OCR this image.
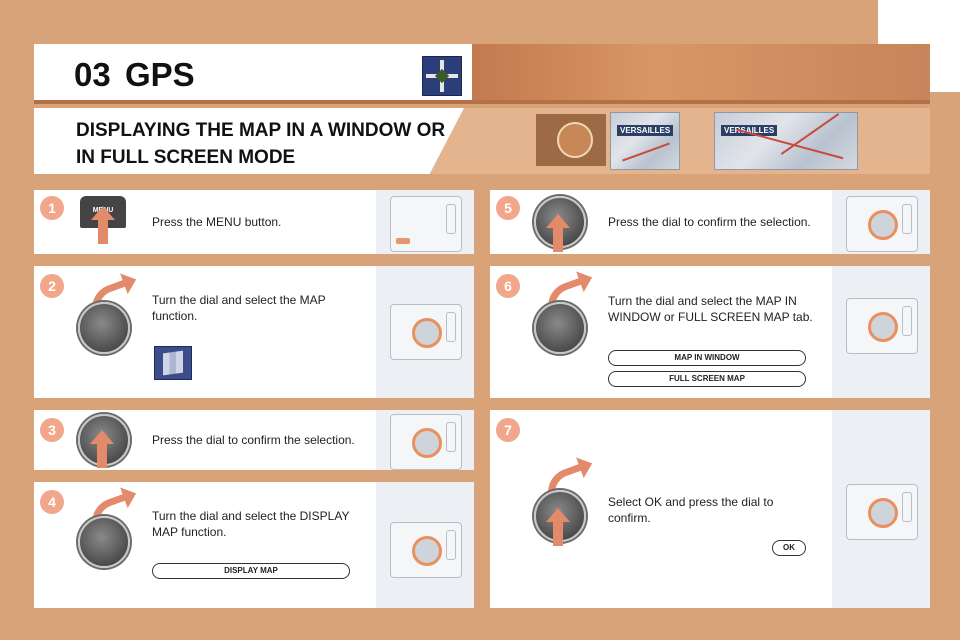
03 GPS
DISPLAYING THE MAP IN A WINDOW OR
IN FULL SCREEN MODE
VERSAILLES	VERSAILLES
1
Press the MENU button.
2
Turn the dial and select the MAP function.
3
Press the dial to confirm the selection.
4
Turn the dial and select the DISPLAY MAP function.
DISPLAY MAP
5
Press the dial to confirm the selection.
6
Turn the dial and select the MAP IN WINDOW or FULL SCREEN MAP tab.
MAP IN WINDOW
FULL SCREEN MAP
7
Select OK and press the dial to confirm.
OK
